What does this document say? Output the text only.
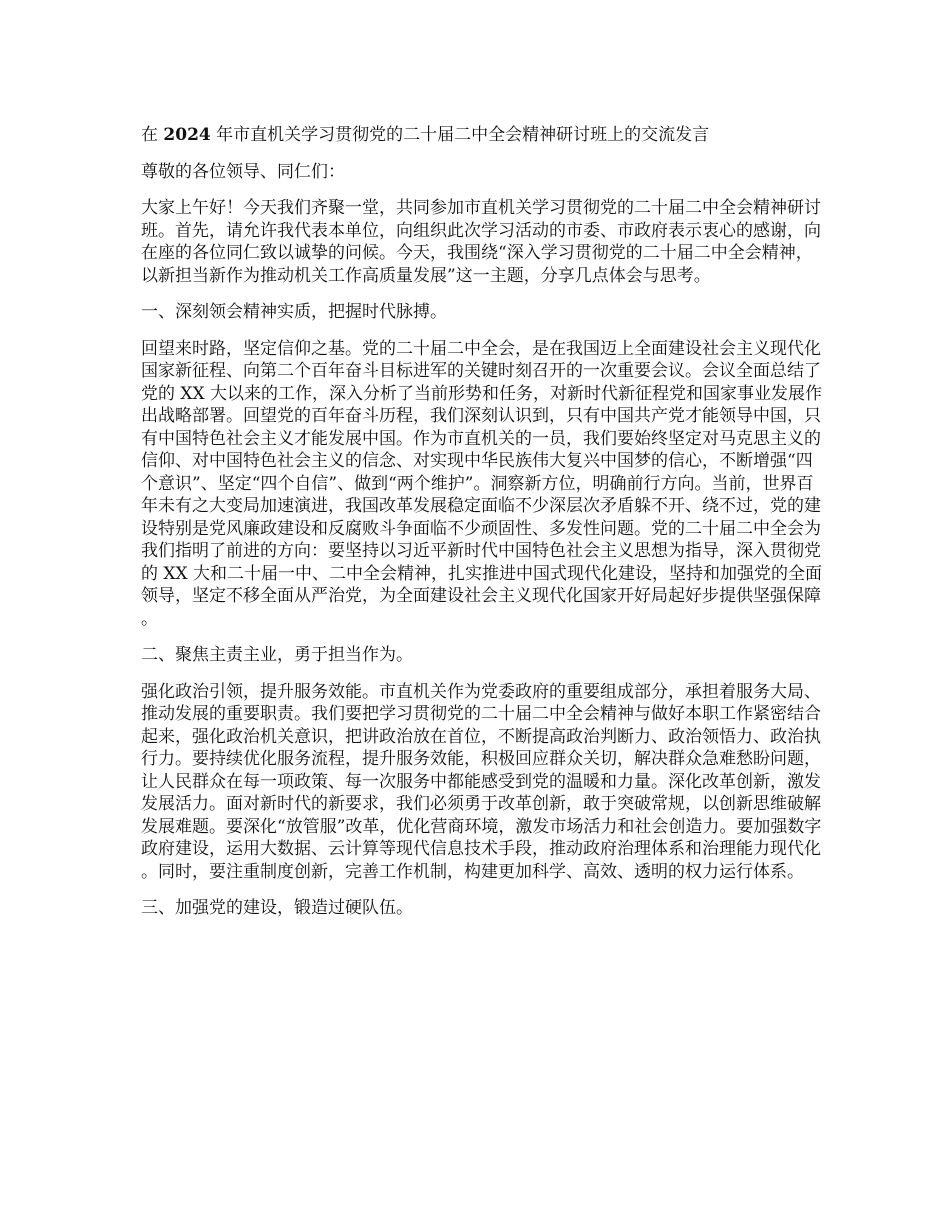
在 2024 年市直机关学习贯彻党的二十届二中全会精神研讨班上的交流发言

尊敬的各位领导、同仁们：

大家上午好！今天我们齐聚一堂，共同参加市直机关学习贯彻党的二十届二中全会精神研讨班。首先，请允许我代表本单位，向组织此次学习活动的市委、市政府表示衷心的感谢，向在座的各位同仁致以诚挚的问候。今天，我围绕“深入学习贯彻党的二十届二中全会精神，以新担当新作为推动机关工作高质量发展”这一主题，分享几点体会与思考。

一、深刻领会精神实质，把握时代脉搏。

回望来时路，坚定信仰之基。党的二十届二中全会，是在我国迈上全面建设社会主义现代化国家新征程、向第二个百年奋斗目标进军的关键时刻召开的一次重要会议。会议全面总结了党的 XX 大以来的工作，深入分析了当前形势和任务，对新时代新征程党和国家事业发展作出战略部署。回望党的百年奋斗历程，我们深刻认识到，只有中国共产党才能领导中国，只有中国特色社会主义才能发展中国。作为市直机关的一员，我们要始终坚定对马克思主义的信仰、对中国特色社会主义的信念、对实现中华民族伟大复兴中国梦的信心，不断增强“四个意识”、坚定“四个自信”、做到“两个维护”。洞察新方位，明确前行方向。当前，世界百年未有之大变局加速演进，我国改革发展稳定面临不少深层次矛盾躲不开、绕不过，党的建设特别是党风廉政建设和反腐败斗争面临不少顽固性、多发性问题。党的二十届二中全会为我们指明了前进的方向：要坚持以习近平新时代中国特色社会主义思想为指导，深入贯彻党的 XX 大和二十届一中、二中全会精神，扎实推进中国式现代化建设，坚持和加强党的全面领导，坚定不移全面从严治党，为全面建设社会主义现代化国家开好局起好步提供坚强保障。

二、聚焦主责主业，勇于担当作为。

强化政治引领，提升服务效能。市直机关作为党委政府的重要组成部分，承担着服务大局、推动发展的重要职责。我们要把学习贯彻党的二十届二中全会精神与做好本职工作紧密结合起来，强化政治机关意识，把讲政治放在首位，不断提高政治判断力、政治领悟力、政治执行力。要持续优化服务流程，提升服务效能，积极回应群众关切，解决群众急难愁盼问题，让人民群众在每一项政策、每一次服务中都能感受到党的温暖和力量。深化改革创新，激发发展活力。面对新时代的新要求，我们必须勇于改革创新，敢于突破常规，以创新思维破解发展难题。要深化“放管服”改革，优化营商环境，激发市场活力和社会创造力。要加强数字政府建设，运用大数据、云计算等现代信息技术手段，推动政府治理体系和治理能力现代化。同时，要注重制度创新，完善工作机制，构建更加科学、高效、透明的权力运行体系。

三、加强党的建设，锻造过硬队伍。
